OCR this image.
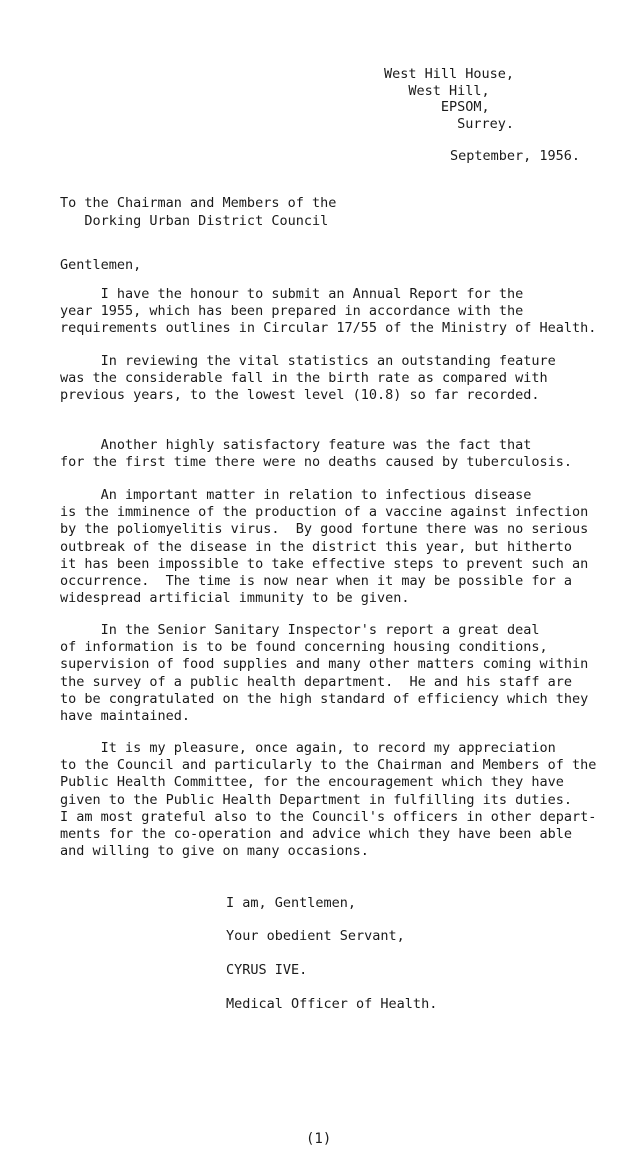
West Hill House,
West Hill,
EPSOM,
Surrey.
September, 1956.
To the Chairman and Members of the
Dorking Urban District Council
Gentlemen,
I have the honour to submit an Annual Report for the
year 1955, which has been prepared in accordance with the
requirements outlines in Circular 17/55 of the Ministry of Health.
In reviewing the vital statistics an outstanding feature
was the considerable fall in the birth rate as compared with
previous years, to the lowest level (10.8) so far recorded.
Another highly satisfactory feature was the fact that
for the first time there were no deaths caused by tuberculosis.
An important matter in relation to infectious disease
is the imminence of the production of a vaccine against infection
by the poliomyelitis virus.  By good fortune there was no serious
outbreak of the disease in the district this year, but hitherto
it has been impossible to take effective steps to prevent such an
occurrence.  The time is now near when it may be possible for a
widespread artificial immunity to be given.
In the Senior Sanitary Inspector's report a great deal
of information is to be found concerning housing conditions,
supervision of food supplies and many other matters coming within
the survey of a public health department.  He and his staff are
to be congratulated on the high standard of efficiency which they
have maintained.
It is my pleasure, once again, to record my appreciation
to the Council and particularly to the Chairman and Members of the
Public Health Committee, for the encouragement which they have
given to the Public Health Department in fulfilling its duties.
I am most grateful also to the Council's officers in other depart-
ments for the co-operation and advice which they have been able
and willing to give on many occasions.
I am, Gentlemen,
Your obedient Servant,
CYRUS IVE.
Medical Officer of Health.
(1)
